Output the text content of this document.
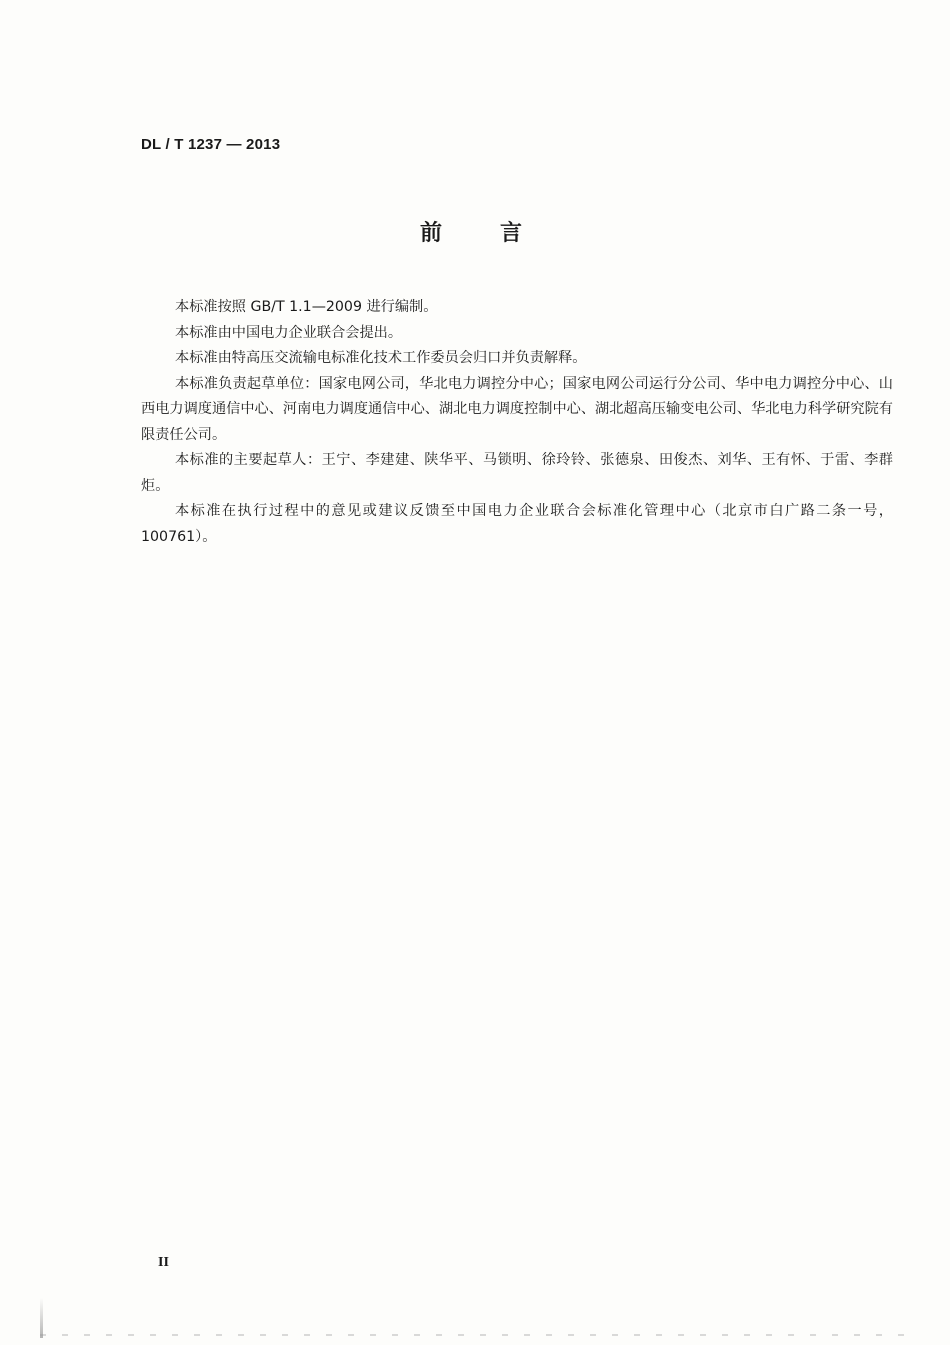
DL / T 1237 — 2013
前言

本标准按照 GB/T 1.1—2009 进行编制。

本标准由中国电力企业联合会提出。

本标准由特高压交流输电标准化技术工作委员会归口并负责解释。

本标准负责起草单位：国家电网公司，华北电力调控分中心；国家电网公司运行分公司、华中电力调控分中心、山西电力调度通信中心、河南电力调度通信中心、湖北电力调度控制中心、湖北超高压输变电公司、华北电力科学研究院有限责任公司。

本标准的主要起草人：王宁、李建建、陕华平、马锁明、徐玲铃、张德泉、田俊杰、刘华、王有怀、于雷、李群炬。

本标准在执行过程中的意见或建议反馈至中国电力企业联合会标准化管理中心（北京市白广路二条一号，100761）。

II
